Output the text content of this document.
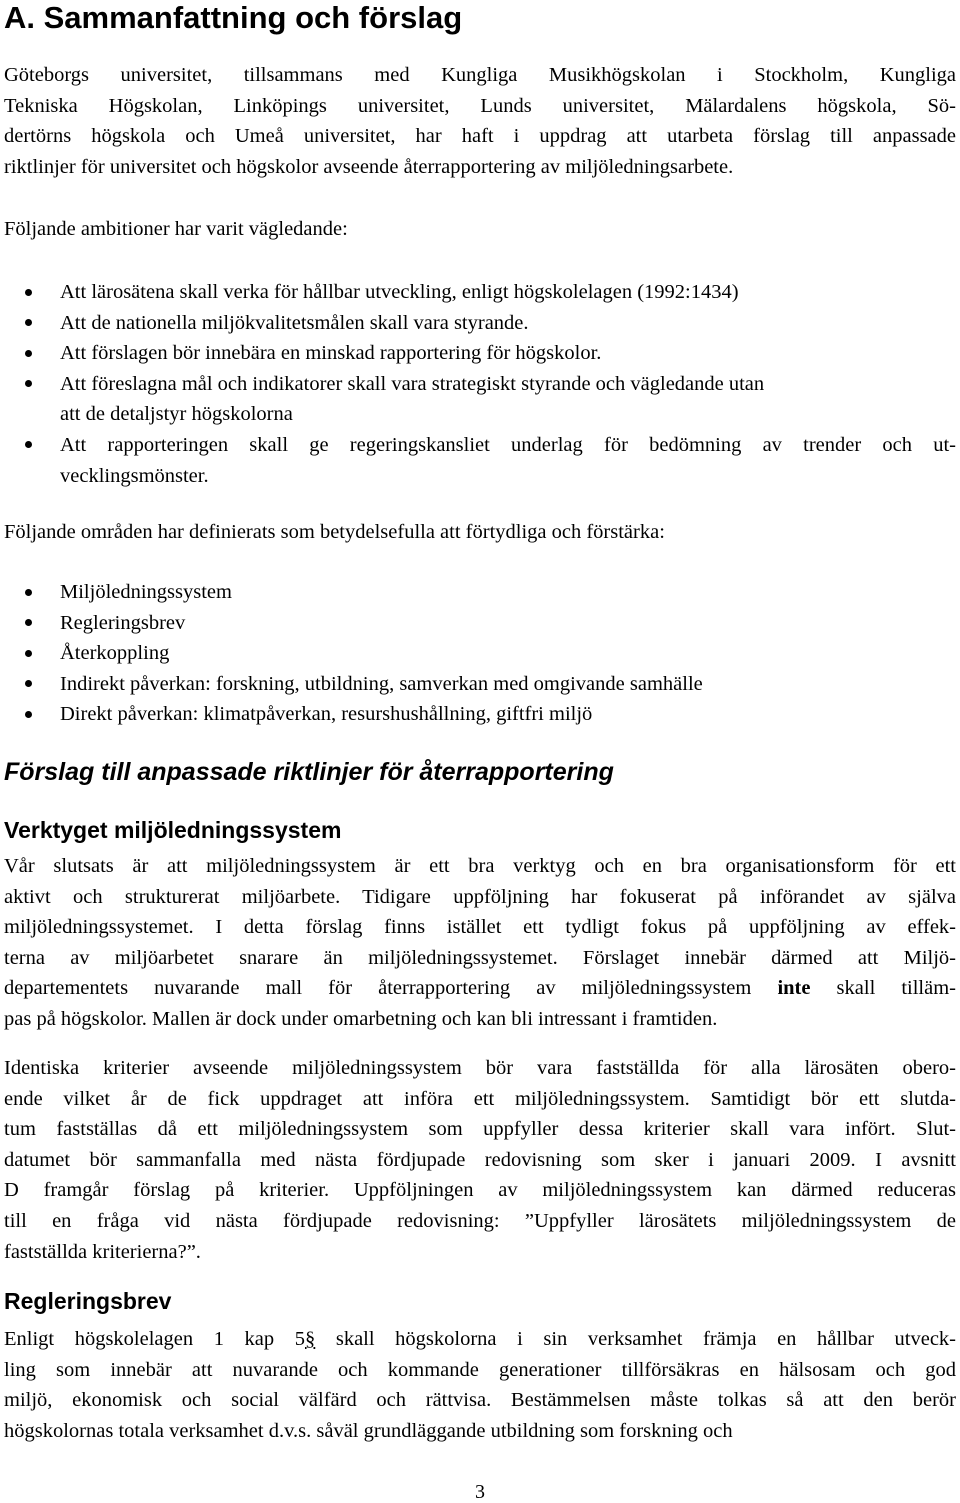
A. Sammanfattning och förslag
Göteborgs universitet, tillsammans med Kungliga Musikhögskolan i Stockholm, Kungliga
Tekniska Högskolan, Linköpings universitet, Lunds universitet, Mälardalens högskola, Sö-
dertörns högskola och Umeå universitet, har haft i uppdrag att utarbeta förslag till anpassade
riktlinjer för universitet och högskolor avseende återrapportering av miljöledningsarbete.

Följande ambitioner har varit vägledande:

Att lärosätena skall verka för hållbar utveckling, enligt högskolelagen (1992:1434)
Att de nationella miljökvalitetsmålen skall vara styrande.
Att förslagen bör innebära en minskad rapportering för högskolor.
Att föreslagna mål och indikatorer skall vara strategiskt styrande och vägledande utan
att de detaljstyr högskolorna
Att rapporteringen skall ge regeringskansliet underlag för bedömning av trender och ut-
vecklingsmönster.

Följande områden har definierats som betydelsefulla att förtydliga och förstärka:

Miljöledningssystem
Regleringsbrev
Återkoppling
Indirekt påverkan: forskning, utbildning, samverkan med omgivande samhälle
Direkt påverkan: klimatpåverkan, resurshushållning, giftfri miljö
Förslag till anpassade riktlinjer för återrapportering
Verktyget miljöledningssystem
Vår slutsats är att miljöledningssystem är ett bra verktyg och en bra organisationsform för ett
aktivt och strukturerat miljöarbete. Tidigare uppföljning har fokuserat på införandet av själva
miljöledningssystemet. I detta förslag finns istället ett tydligt fokus på uppföljning av effek-
terna av miljöarbetet snarare än miljöledningssystemet. Förslaget innebär därmed att Miljö-
departementets nuvarande mall för återrapportering av miljöledningssystem inte skall tilläm-
pas på högskolor. Mallen är dock under omarbetning och kan bli intressant i framtiden.
Identiska kriterier avseende miljöledningssystem bör vara fastställda för alla lärosäten obero-
ende vilket år de fick uppdraget att införa ett miljöledningssystem. Samtidigt bör ett slutda-
tum fastställas då ett miljöledningssystem som uppfyller dessa kriterier skall vara infört. Slut-
datumet bör sammanfalla med nästa fördjupade redovisning som sker i januari 2009. I avsnitt
D framgår förslag på kriterier. Uppföljningen av miljöledningssystem kan därmed reduceras
till en fråga vid nästa fördjupade redovisning: ”Uppfyller lärosätets miljöledningssystem de
fastställda kriterierna?”.
Regleringsbrev
Enligt högskolelagen 1 kap 5§ skall högskolorna i sin verksamhet främja en hållbar utveck-
ling som innebär att nuvarande och kommande generationer tillförsäkras en hälsosam och god
miljö, ekonomisk och social välfärd och rättvisa. Bestämmelsen måste tolkas så att den berör
högskolornas totala verksamhet d.v.s. såväl grundläggande utbildning som forskning och
3
